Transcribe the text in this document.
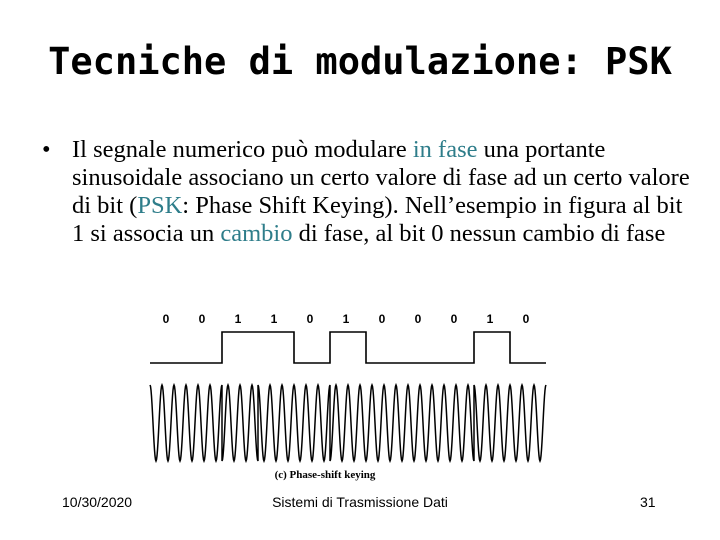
Tecniche di modulazione: PSK
• Il segnale numerico può modulare in fase una portante sinusoidale associano un certo valore di fase ad un certo valore di bit (PSK: Phase Shift Keying). Nell’esempio in figura al bit 1 si associa un cambio di fase, al bit 0 nessun cambio di fase
0 0 1 1 0 1 0 0 0 1 0
(c) Phase-shift keying
10/30/2020	Sistemi di Trasmissione Dati	31
